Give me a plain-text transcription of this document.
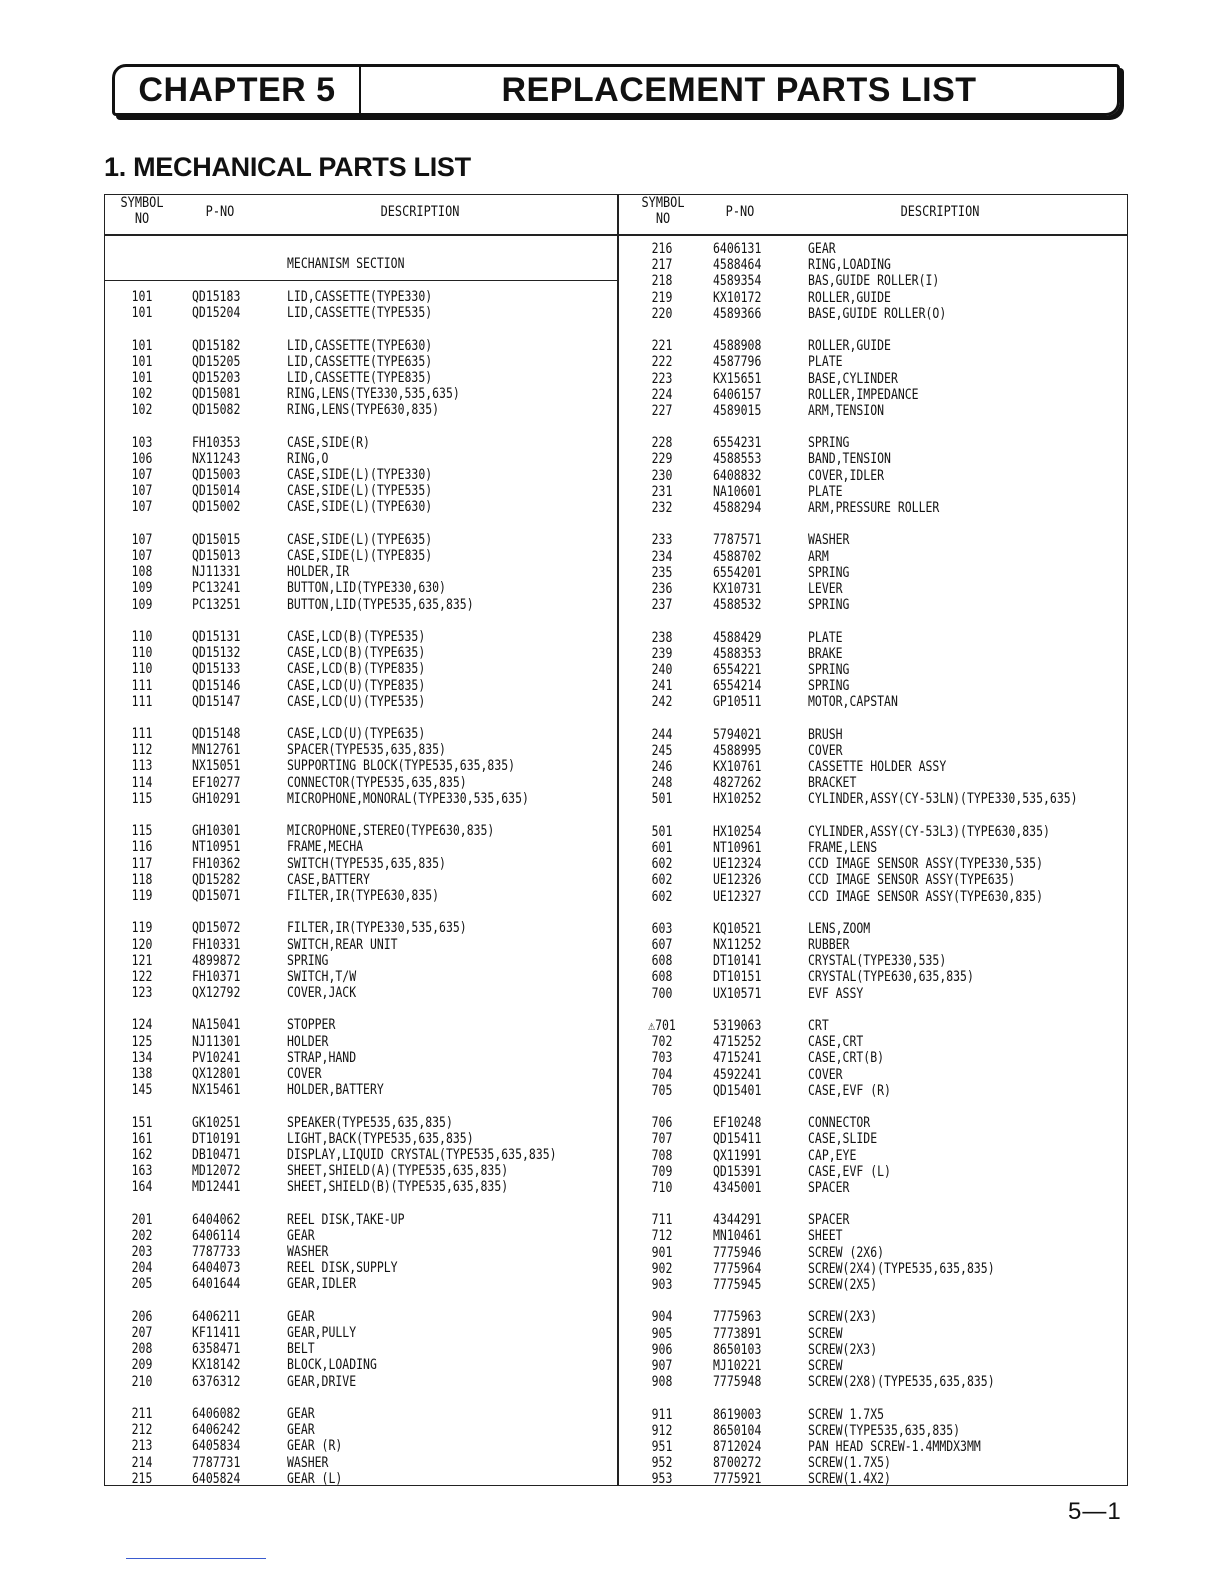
CHAPTER 5	REPLACEMENT PARTS LIST
1. MECHANICAL PARTS LIST
SYMBOL
NO	P-NO	DESCRIPTION
SYMBOL
NO	P-NO	DESCRIPTION
MECHANISM SECTION
101	QD15183	LID,CASSETTE(TYPE330)
101	QD15204	LID,CASSETTE(TYPE535)
101	QD15182	LID,CASSETTE(TYPE630)
101	QD15205	LID,CASSETTE(TYPE635)
101	QD15203	LID,CASSETTE(TYPE835)
102	QD15081	RING,LENS(TYE330,535,635)
102	QD15082	RING,LENS(TYPE630,835)
103	FH10353	CASE,SIDE(R)
106	NX11243	RING,O
107	QD15003	CASE,SIDE(L)(TYPE330)
107	QD15014	CASE,SIDE(L)(TYPE535)
107	QD15002	CASE,SIDE(L)(TYPE630)
107	QD15015	CASE,SIDE(L)(TYPE635)
107	QD15013	CASE,SIDE(L)(TYPE835)
108	NJ11331	HOLDER,IR
109	PC13241	BUTTON,LID(TYPE330,630)
109	PC13251	BUTTON,LID(TYPE535,635,835)
110	QD15131	CASE,LCD(B)(TYPE535)
110	QD15132	CASE,LCD(B)(TYPE635)
110	QD15133	CASE,LCD(B)(TYPE835)
111	QD15146	CASE,LCD(U)(TYPE835)
111	QD15147	CASE,LCD(U)(TYPE535)
111	QD15148	CASE,LCD(U)(TYPE635)
112	MN12761	SPACER(TYPE535,635,835)
113	NX15051	SUPPORTING BLOCK(TYPE535,635,835)
114	EF10277	CONNECTOR(TYPE535,635,835)
115	GH10291	MICROPHONE,MONORAL(TYPE330,535,635)
115	GH10301	MICROPHONE,STEREO(TYPE630,835)
116	NT10951	FRAME,MECHA
117	FH10362	SWITCH(TYPE535,635,835)
118	QD15282	CASE,BATTERY
119	QD15071	FILTER,IR(TYPE630,835)
119	QD15072	FILTER,IR(TYPE330,535,635)
120	FH10331	SWITCH,REAR UNIT
121	4899872	SPRING
122	FH10371	SWITCH,T/W
123	QX12792	COVER,JACK
124	NA15041	STOPPER
125	NJ11301	HOLDER
134	PV10241	STRAP,HAND
138	QX12801	COVER
145	NX15461	HOLDER,BATTERY
151	GK10251	SPEAKER(TYPE535,635,835)
161	DT10191	LIGHT,BACK(TYPE535,635,835)
162	DB10471	DISPLAY,LIQUID CRYSTAL(TYPE535,635,835)
163	MD12072	SHEET,SHIELD(A)(TYPE535,635,835)
164	MD12441	SHEET,SHIELD(B)(TYPE535,635,835)
201	6404062	REEL DISK,TAKE-UP
202	6406114	GEAR
203	7787733	WASHER
204	6404073	REEL DISK,SUPPLY
205	6401644	GEAR,IDLER
206	6406211	GEAR
207	KF11411	GEAR,PULLY
208	6358471	BELT
209	KX18142	BLOCK,LOADING
210	6376312	GEAR,DRIVE
211	6406082	GEAR
212	6406242	GEAR
213	6405834	GEAR (R)
214	7787731	WASHER
215	6405824	GEAR (L)
216	6406131	GEAR
217	4588464	RING,LOADING
218	4589354	BAS,GUIDE ROLLER(I)
219	KX10172	ROLLER,GUIDE
220	4589366	BASE,GUIDE ROLLER(O)
221	4588908	ROLLER,GUIDE
222	4587796	PLATE
223	KX15651	BASE,CYLINDER
224	6406157	ROLLER,IMPEDANCE
227	4589015	ARM,TENSION
228	6554231	SPRING
229	4588553	BAND,TENSION
230	6408832	COVER,IDLER
231	NA10601	PLATE
232	4588294	ARM,PRESSURE ROLLER
233	7787571	WASHER
234	4588702	ARM
235	6554201	SPRING
236	KX10731	LEVER
237	4588532	SPRING
238	4588429	PLATE
239	4588353	BRAKE
240	6554221	SPRING
241	6554214	SPRING
242	GP10511	MOTOR,CAPSTAN
244	5794021	BRUSH
245	4588995	COVER
246	KX10761	CASSETTE HOLDER ASSY
248	4827262	BRACKET
501	HX10252	CYLINDER,ASSY(CY-53LN)(TYPE330,535,635)
501	HX10254	CYLINDER,ASSY(CY-53L3)(TYPE630,835)
601	NT10961	FRAME,LENS
602	UE12324	CCD IMAGE SENSOR ASSY(TYPE330,535)
602	UE12326	CCD IMAGE SENSOR ASSY(TYPE635)
602	UE12327	CCD IMAGE SENSOR ASSY(TYPE630,835)
603	KQ10521	LENS,ZOOM
607	NX11252	RUBBER
608	DT10141	CRYSTAL(TYPE330,535)
608	DT10151	CRYSTAL(TYPE630,635,835)
700	UX10571	EVF ASSY
⚠701	5319063	CRT
702	4715252	CASE,CRT
703	4715241	CASE,CRT(B)
704	4592241	COVER
705	QD15401	CASE,EVF (R)
706	EF10248	CONNECTOR
707	QD15411	CASE,SLIDE
708	QX11991	CAP,EYE
709	QD15391	CASE,EVF (L)
710	4345001	SPACER
711	4344291	SPACER
712	MN10461	SHEET
901	7775946	SCREW (2X6)
902	7775964	SCREW(2X4)(TYPE535,635,835)
903	7775945	SCREW(2X5)
904	7775963	SCREW(2X3)
905	7773891	SCREW
906	8650103	SCREW(2X3)
907	MJ10221	SCREW
908	7775948	SCREW(2X8)(TYPE535,635,835)
911	8619003	SCREW 1.7X5
912	8650104	SCREW(TYPE535,635,835)
951	8712024	PAN HEAD SCREW-1.4MMDX3MM
952	8700272	SCREW(1.7X5)
953	7775921	SCREW(1.4X2)
5—1
